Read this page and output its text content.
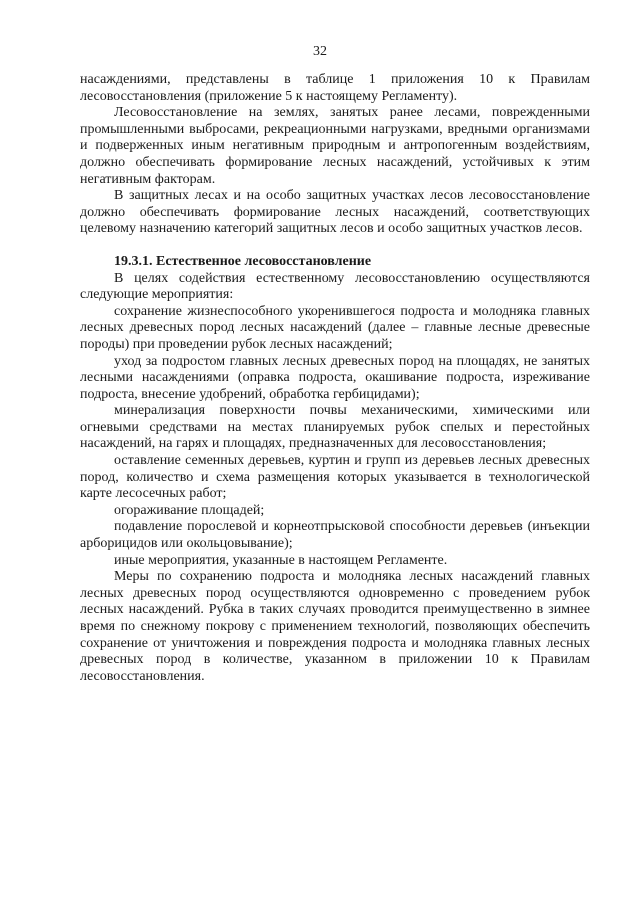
32

насаждениями, представлены в таблице 1 приложения 10 к Правилам лесовосстановления (приложение 5 к настоящему Регламенту).

Лесовосстановление на землях, занятых ранее лесами, поврежденными промышленными выбросами, рекреационными нагрузками, вредными организмами и подверженных иным негативным природным и антропогенным воздействиям, должно обеспечивать формирование лесных насаждений, устойчивых к этим негативным факторам.

В защитных лесах и на особо защитных участках лесов лесовосстановление должно обеспечивать формирование лесных насаждений, соответствующих целевому назначению категорий защитных лесов и особо защитных участков лесов.

19.3.1. Естественное лесовосстановление

В целях содействия естественному лесовосстановлению осуществляются следующие мероприятия:

сохранение жизнеспособного укоренившегося подроста и молодняка главных лесных древесных пород лесных насаждений (далее – главные лесные древесные породы) при проведении рубок лесных насаждений;

уход за подростом главных лесных древесных пород на площадях, не занятых лесными насаждениями (оправка подроста, окашивание подроста, изреживание подроста, внесение удобрений, обработка гербицидами);

минерализация поверхности почвы механическими, химическими или огневыми средствами на местах планируемых рубок спелых и перестойных насаждений, на гарях и площадях, предназначенных для лесовосстановления;

оставление семенных деревьев, куртин и групп из деревьев лесных древесных пород, количество и схема размещения которых указывается в технологической карте лесосечных работ;

огораживание площадей;

подавление порослевой и корнеотпрысковой способности деревьев (инъекции арборицидов или окольцовывание);

иные мероприятия, указанные в настоящем Регламенте.

Меры по сохранению подроста и молодняка лесных насаждений главных лесных древесных пород осуществляются одновременно с проведением рубок лесных насаждений. Рубка в таких случаях проводится преимущественно в зимнее время по снежному покрову с применением технологий, позволяющих обеспечить сохранение от уничтожения и повреждения подроста и молодняка главных лесных древесных пород в количестве, указанном в приложении 10 к Правилам лесовосстановления.
